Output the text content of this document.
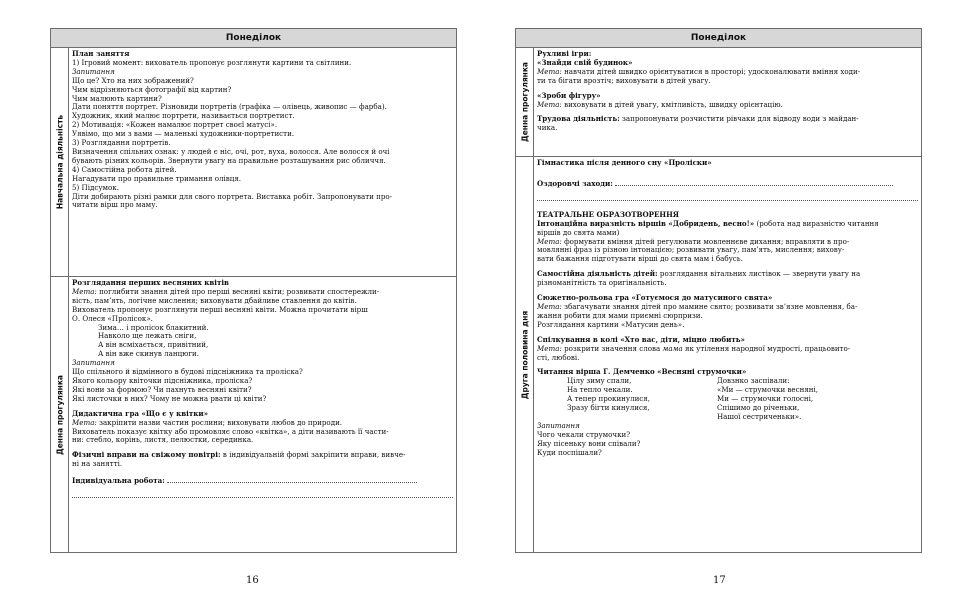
Понеділок
Навчальна діяльність

План заняття

1) Ігровий момент: вихователь пропонує розглянути картини та світлини.

Запитання

Що це? Хто на них зображений?

Чим відрізняються фотографії від картин?

Чим малюють картини?

Дати поняття портрет. Різновиди портретів (графіка — олівець, живопис — фарба).

Художник, який малює портрети, називається портретист.

2) Мотивація: «Кожен намалює портрет своєї матусі».

Уявімо, що ми з вами — маленькі художники-портретисти.

3) Розглядання портретів.

Визначення спільних ознак: у людей є ніс, очі, рот, вуха, волосся. Але волосся й очі

бувають різних кольорів. Звернути увагу на правильне розташування рис обличчя.

4) Самостійна робота дітей.

Нагадувати про правильне тримання олівця.

5) Підсумок.

Діти добирають різні рамки для свого портрета. Виставка робіт. Запропонувати про-

читати вірш про маму.

Денна прогулянка

Розглядання перших весняних квітів

Мета: поглибити знання дітей про перші весняні квіти; розвивати спостережли-

вість, пам’ять, логічне мислення; виховувати дбайливе ставлення до квітів.

Вихователь пропонує розглянути перші весняні квіти. Можна прочитати вірш

О. Олеся «Пролісок».

Зима… і пролісок блакитний.

Навколо ще лежать сніги,

А він всміхається, привітний,

А він вже скинув ланцюги.

Запитання

Що спільного й відмінного в будові підсніжника та проліска?

Якого кольору квіточки підсніжника, проліска?

Які вони за формою? Чи пахнуть весняні квіти?

Які листочки в них? Чому не можна рвати ці квіти?

Дидактична гра «Що є у квітки»

Мета: закріпити назви частин рослини; виховувати любов до природи.

Вихователь показує квітку або промовляє слово «квітка», а діти називають її части-

ни: стебло, корінь, листя, пелюстки, серединка.

Фізичні вправи на свіжому повітрі: в індивідуальній формі закріпити вправи, вивче-

ні на занятті.

Індивідуальна робота:

16
Понеділок
Денна прогулянка

Рухливі ігри:

«Знайди свій будинок»

Мета: навчати дітей швидко орієнтуватися в просторі; удосконалювати вміння ходи-

ти та бігати врозтіч; виховувати в дітей увагу.

«Зроби фігуру»

Мета: виховувати в дітей увагу, кмітливість, швидку орієнтацію.

Трудова діяльність: запропонувати розчистити рівчаки для відводу води з майдан-

чика.

Друга половина дня

Гімнастика після денного сну «Проліски»

Оздоровчі заходи:

ТЕАТРАЛЬНЕ ОБРАЗОТВОРЕННЯ

Інтонаційна виразність віршів «Добридень, весно!» (робота над виразністю читання

віршів до свята мами)

Мета: формувати вміння дітей регулювати мовленнєве дихання; вправляти в про-

мовлянні фраз із різною інтонацією; розвивати увагу, пам’ять, мислення; вихову-

вати бажання підготувати вірші до свята мам і бабусь.

Самостійна діяльність дітей: розглядання вітальних листівок — звернути увагу на

різноманітність та оригінальність.

Сюжетно-рольова гра «Готуємося до матусиного свята»

Мета: збагачувати знання дітей про мамине свято; розвивати зв’язне мовлення, ба-

жання робити для мами приємні сюрпризи.

Розглядання картини «Матусин день».

Спілкування в колі «Хто вас, діти, міцно любить»

Мета: розкрити значення слова мама як утілення народної мудрості, працьовито-

сті, любові.

Читання вірша Г. Демченко «Весняні струмочки»

Цілу зиму спали,

На тепло чекали.

А тепер прокинулися,

Зразу бігти кинулися,

Довзнко заспівали:

«Ми — струмочки весняні,

Ми — струмочки голосні,

Спішимо до річеньки,

Нашої сестриченьки».

Запитання

Чого чекали струмочки?

Яку пісеньку вони співали?

Куди поспішали?

17
